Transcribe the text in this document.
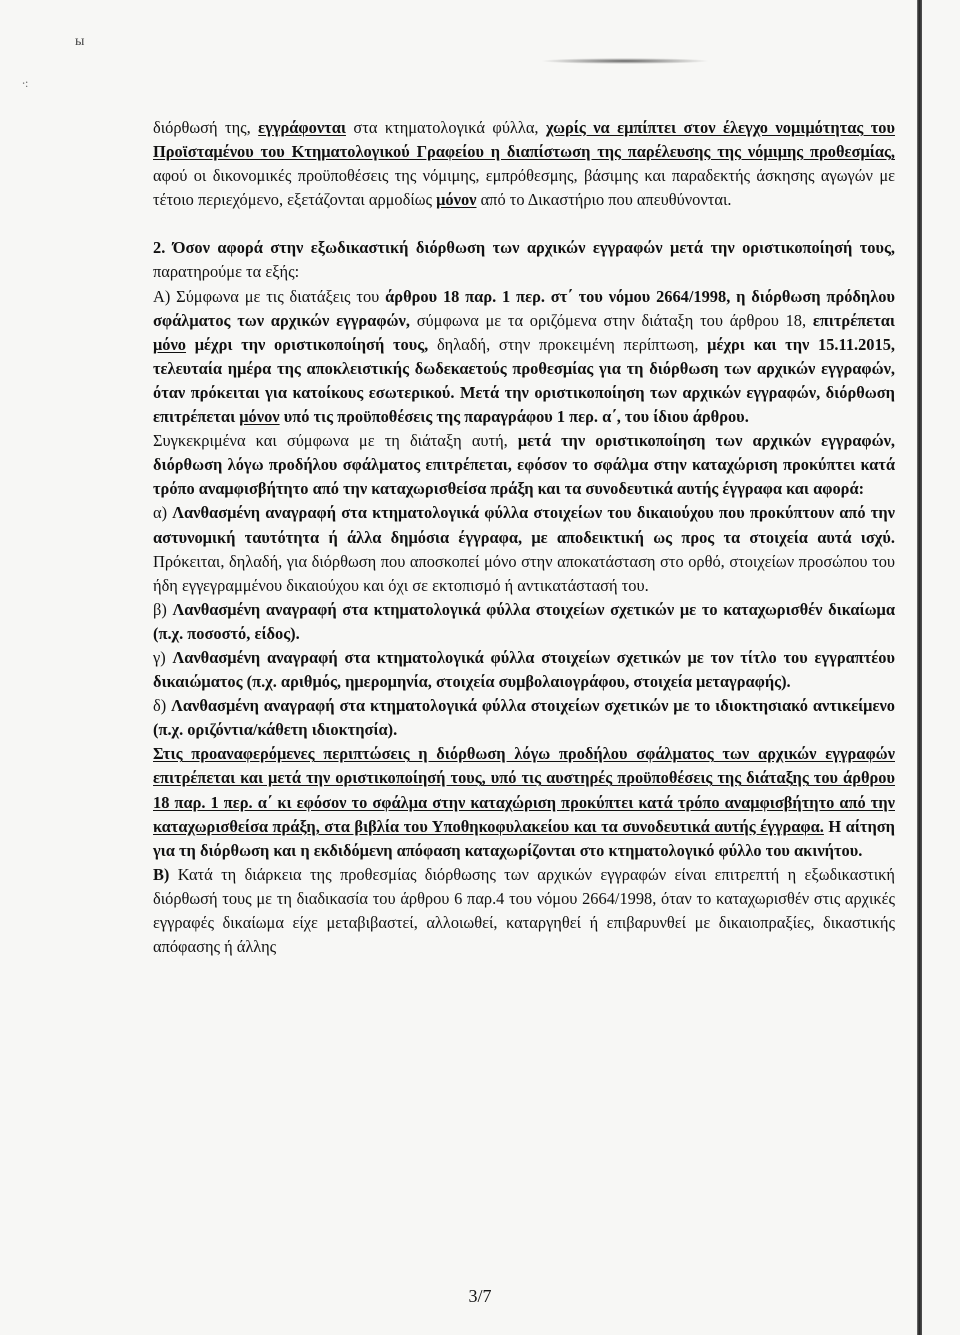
ы
∙:

διόρθωσή της, εγγράφονται στα κτηματολογικά φύλλα, χωρίς να εμπίπτει στον έλεγχο νομιμότητας του Προϊσταμένου του Κτηματολογικού Γραφείου η διαπίστωση της παρέλευσης της νόμιμης προθεσμίας, αφού οι δικονομικές προϋποθέσεις της νόμιμης, εμπρόθεσμης, βάσιμης και παραδεκτής άσκησης αγωγών με τέτοιο περιεχόμενο, εξετάζονται αρμοδίως μόνον από το Δικαστήριο που απευθύνονται.

2. Όσον αφορά στην εξωδικαστική διόρθωση των αρχικών εγγραφών μετά την οριστικοποίησή τους, παρατηρούμε τα εξής:

Α) Σύμφωνα με τις διατάξεις του άρθρου 18 παρ. 1 περ. στ΄ του νόμου 2664/1998, η διόρθωση πρόδηλου σφάλματος των αρχικών εγγραφών, σύμφωνα με τα οριζόμενα στην διάταξη του άρθρου 18, επιτρέπεται μόνο μέχρι την οριστικοποίησή τους, δηλαδή, στην προκειμένη περίπτωση, μέχρι και την 15.11.2015, τελευταία ημέρα της αποκλειστικής δωδεκαετούς προθεσμίας για τη διόρθωση των αρχικών εγγραφών, όταν πρόκειται για κατοίκους εσωτερικού. Μετά την οριστικοποίηση των αρχικών εγγραφών, διόρθωση επιτρέπεται μόνον υπό τις προϋποθέσεις της παραγράφου 1 περ. α΄, του ίδιου άρθρου.

Συγκεκριμένα και σύμφωνα με τη διάταξη αυτή, μετά την οριστικοποίηση των αρχικών εγγραφών, διόρθωση λόγω προδήλου σφάλματος επιτρέπεται, εφόσον το σφάλμα στην καταχώριση προκύπτει κατά τρόπο αναμφισβήτητο από την καταχωρισθείσα πράξη και τα συνοδευτικά αυτής έγγραφα και αφορά:

α) Λανθασμένη αναγραφή στα κτηματολογικά φύλλα στοιχείων του δικαιούχου που προκύπτουν από την αστυνομική ταυτότητα ή άλλα δημόσια έγγραφα, με αποδεικτική ως προς τα στοιχεία αυτά ισχύ. Πρόκειται, δηλαδή, για διόρθωση που αποσκοπεί μόνο στην αποκατάσταση στο ορθό, στοιχείων προσώπου του ήδη εγγεγραμμένου δικαιούχου και όχι σε εκτοπισμό ή αντικατάστασή του.

β) Λανθασμένη αναγραφή στα κτηματολογικά φύλλα στοιχείων σχετικών με το καταχωρισθέν δικαίωμα (π.χ. ποσοστό, είδος).

γ) Λανθασμένη αναγραφή στα κτηματολογικά φύλλα στοιχείων σχετικών με τον τίτλο του εγγραπτέου δικαιώματος (π.χ. αριθμός, ημερομηνία, στοιχεία συμβολαιογράφου, στοιχεία μεταγραφής).

δ) Λανθασμένη αναγραφή στα κτηματολογικά φύλλα στοιχείων σχετικών με το ιδιοκτησιακό αντικείμενο (π.χ. οριζόντια/κάθετη ιδιοκτησία).

Στις προαναφερόμενες περιπτώσεις η διόρθωση λόγω προδήλου σφάλματος των αρχικών εγγραφών επιτρέπεται και μετά την οριστικοποίησή τους, υπό τις αυστηρές προϋποθέσεις της διάταξης του άρθρου 18 παρ. 1 περ. α΄ κι εφόσον το σφάλμα στην καταχώριση προκύπτει κατά τρόπο αναμφισβήτητο από την καταχωρισθείσα πράξη, στα βιβλία του Υποθηκοφυλακείου και τα συνοδευτικά αυτής έγγραφα. Η αίτηση για τη διόρθωση και η εκδιδόμενη απόφαση καταχωρίζονται στο κτηματολογικό φύλλο του ακινήτου.

Β) Κατά τη διάρκεια της προθεσμίας διόρθωσης των αρχικών εγγραφών είναι επιτρεπτή η εξωδικαστική διόρθωσή τους με τη διαδικασία του άρθρου 6 παρ.4 του νόμου 2664/1998, όταν το καταχωρισθέν στις αρχικές εγγραφές δικαίωμα είχε μεταβιβαστεί, αλλοιωθεί, καταργηθεί ή επιβαρυνθεί με δικαιοπραξίες, δικαστικής απόφασης ή άλλης

3/7
